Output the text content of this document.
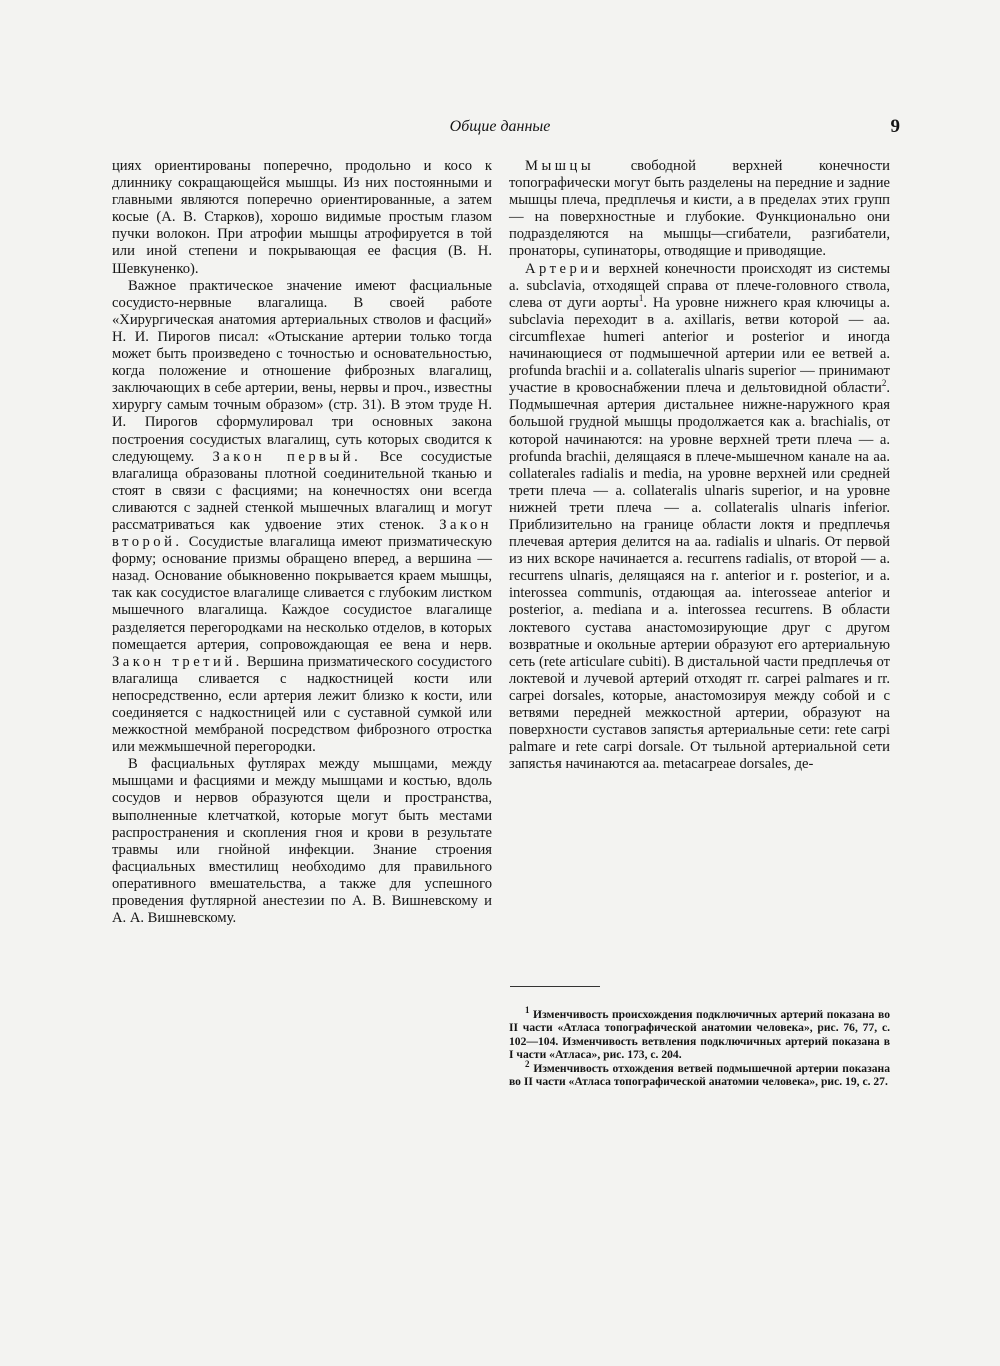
Общие данные	9

циях ориентированы поперечно, продольно и косо к длиннику сокращающейся мышцы. Из них постоянными и главными являются поперечно ориентированные, а затем косые (А. В. Старков), хорошо видимые простым глазом пучки волокон. При атрофии мышцы атрофируется в той или иной степени и покрывающая ее фасция (В. Н. Шевкуненко).

Важное практическое значение имеют фасциальные сосудисто-нервные влагалища. В своей работе «Хирургическая анатомия артериальных стволов и фасций» Н. И. Пирогов писал: «Отыскание артерии только тогда может быть произведено с точностью и основательностью, когда положение и отношение фиброзных влагалищ, заключающих в себе артерии, вены, нервы и проч., известны хирургу самым точным образом» (стр. 31). В этом труде Н. И. Пирогов сформулировал три основных закона построения сосудистых влагалищ, суть которых сводится к следующему. Закон первый. Все сосудистые влагалища образованы плотной соединительной тканью и стоят в связи с фасциями; на конечностях они всегда сливаются с задней стенкой мышечных влагалищ и могут рассматриваться как удвоение этих стенок. Закон второй. Сосудистые влагалища имеют призматическую форму; основание призмы обращено вперед, а вершина — назад. Основание обыкновенно покрывается краем мышцы, так как сосудистое влагалище сливается с глубоким листком мышечного влагалища. Каждое сосудистое влагалище разделяется перегородками на несколько отделов, в которых помещается артерия, сопровождающая ее вена и нерв. Закон третий. Вершина призматического сосудистого влагалища сливается с надкостницей кости или непосредственно, если артерия лежит близко к кости, или соединяется с надкостницей или с суставной сумкой или межкостной мембраной посредством фиброзного отростка или межмышечной перегородки.

В фасциальных футлярах между мышцами, между мышцами и фасциями и между мышцами и костью, вдоль сосудов и нервов образуются щели и пространства, выполненные клетчаткой, которые могут быть местами распространения и скопления гноя и крови в результате травмы или гнойной инфекции. Знание строения фасциальных вместилищ необходимо для правильного оперативного вмешательства, а также для успешного проведения футлярной анестезии по А. В. Вишневскому и А. А. Вишневскому.

Мышцы	свободной верхней конечности топографически могут быть разделены на передние и задние мышцы плеча, предплечья и кисти, а в пределах этих групп — на поверхностные и глубокие. Функционально они подразделяются на мышцы—сгибатели, разгибатели, пронаторы, супинаторы, отводящие и приводящие.

Артерии верхней конечности происходят из системы a. subclavia, отходящей справа от плече-головного ствола, слева от дуги аорты$^1$. На уровне нижнего края ключицы a. subclavia переходит в a. axillaris, ветви которой — aa. circumflexae humeri anterior и posterior и иногда начинающиеся от подмышечной артерии или ее ветвей a. profunda brachii и a. collateralis ulnaris superior — принимают участие в кровоснабжении плеча и дельтовидной области$^2$. Подмышечная артерия дистальнее нижне-наружного края большой грудной мышцы продолжается как a. brachialis, от которой начинаются: на уровне верхней трети плеча — a. profunda brachii, делящаяся в плече-мышечном канале на aa. collaterales radialis и media, на уровне верхней или средней трети плеча — a. collateralis ulnaris superior, и на уровне нижней трети плеча — a. collateralis ulnaris inferior. Приблизительно на границе области локтя и предплечья плечевая артерия делится на aa. radialis и ulnaris. От первой из них вскоре начинается a. recurrens radialis, от второй — a. recurrens ulnaris, делящаяся на r. anterior и r. posterior, и a. interossea communis, отдающая aa. interosseae anterior и posterior, a. mediana и a. interossea recurrens. В области локтевого сустава анастомозирующие друг с другом возвратные и окольные артерии образуют его артериальную сеть (rete articulare cubiti). В дистальной части предплечья от локтевой и лучевой артерий отходят rr. carpei palmares и rr. carpei dorsales, которые, анастомозируя между собой и с ветвями передней межкостной артерии, образуют на поверхности суставов запястья артериальные сети: rete carpi palmare и rete carpi dorsale. От тыльной артериальной сети запястья начинаются aa. metacarpeae dorsales, де-

$^1$ Изменчивость происхождения подключичных артерий показана во II части «Атласа топографической анатомии человека», рис. 76, 77, с. 102—104. Изменчивость ветвления подключичных артерий показана в I части «Атласа», рис. 173, с. 204.

$^2$ Изменчивость отхождения ветвей подмышечной артерии показана во II части «Атласа топографической анатомии человека», рис. 19, с. 27.
